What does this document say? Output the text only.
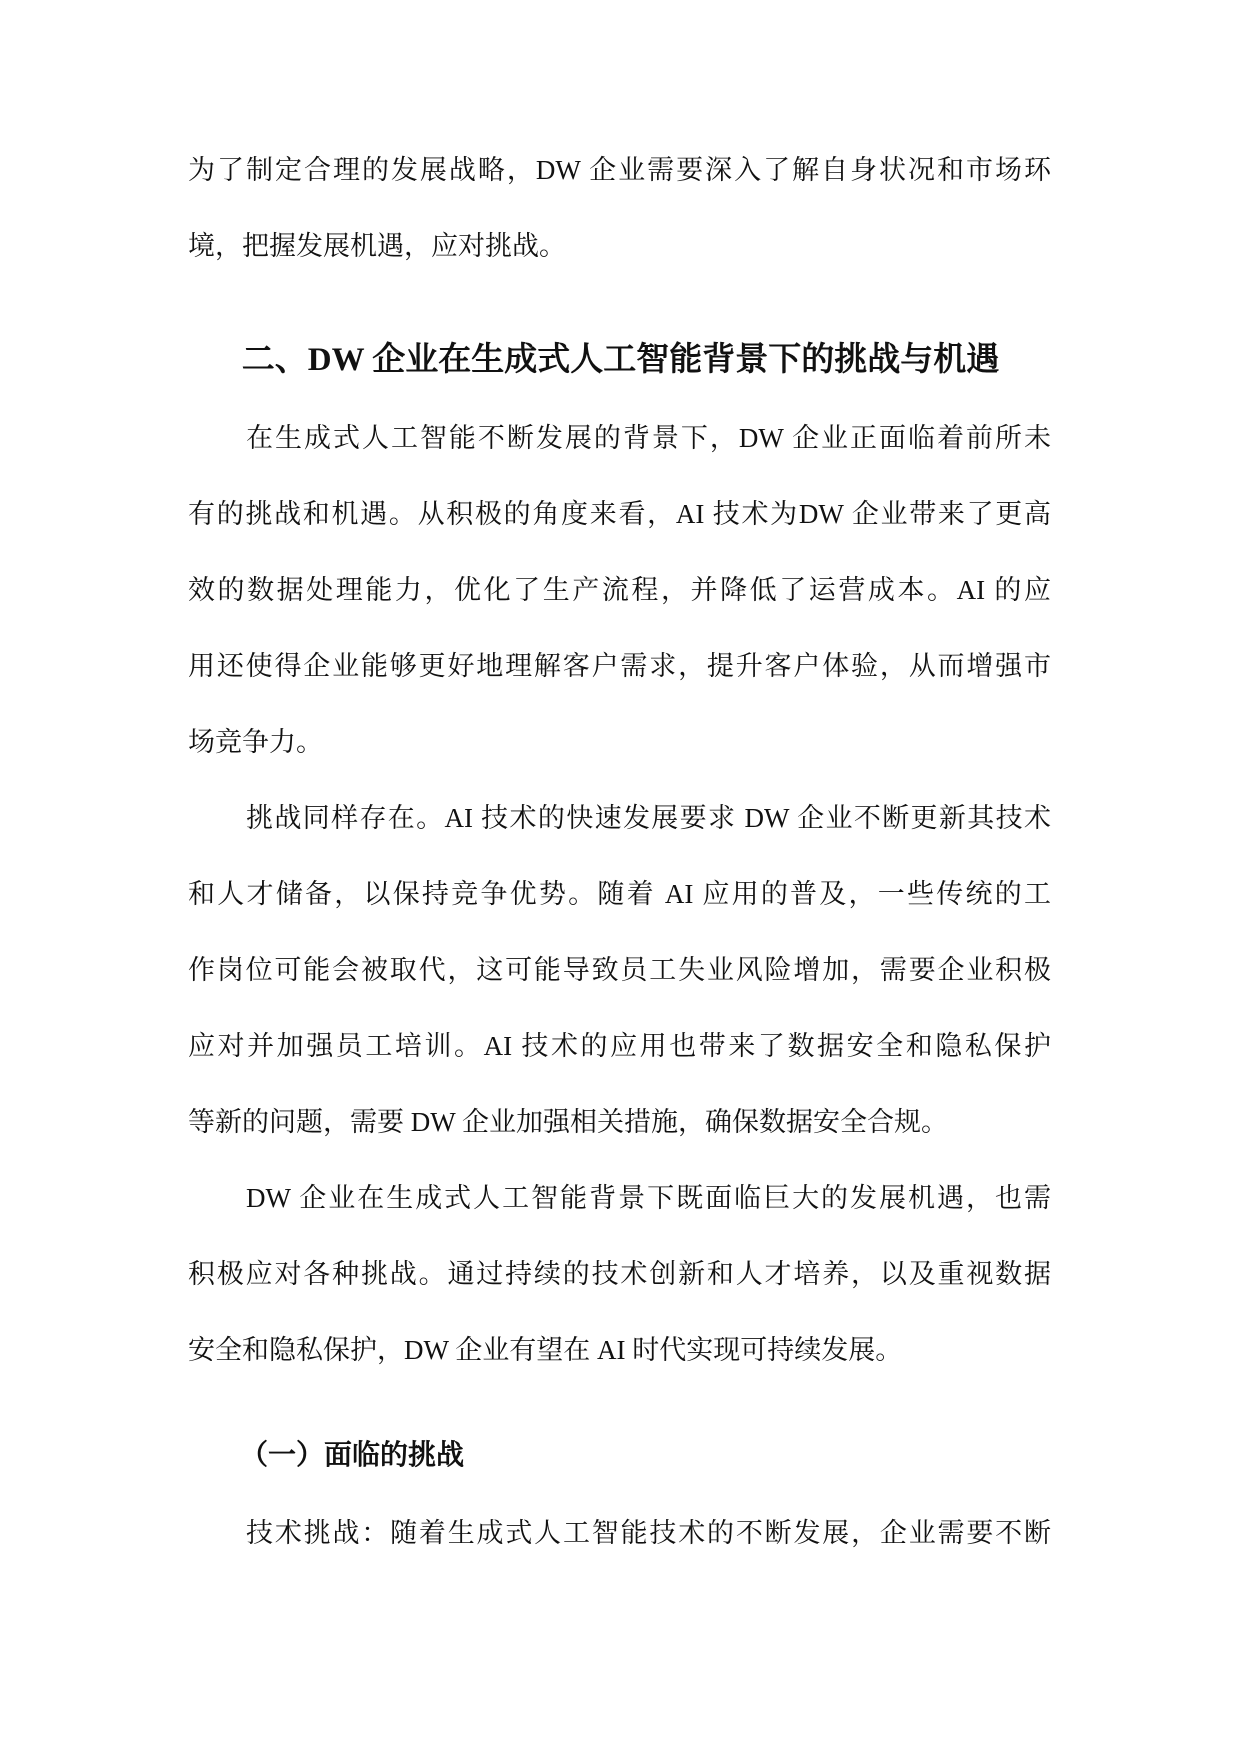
为了制定合理的发展战略，DW 企业需要深入了解自身状况和市场环
境，把握发展机遇，应对挑战。
二、DW 企业在生成式人工智能背景下的挑战与机遇
在生成式人工智能不断发展的背景下，DW 企业正面临着前所未
有的挑战和机遇。从积极的角度来看，AI 技术为DW 企业带来了更高
效的数据处理能力，优化了生产流程，并降低了运营成本。AI 的应
用还使得企业能够更好地理解客户需求，提升客户体验，从而增强市
场竞争力。
挑战同样存在。AI 技术的快速发展要求 DW 企业不断更新其技术
和人才储备，以保持竞争优势。随着 AI 应用的普及，一些传统的工
作岗位可能会被取代，这可能导致员工失业风险增加，需要企业积极
应对并加强员工培训。AI 技术的应用也带来了数据安全和隐私保护
等新的问题，需要 DW 企业加强相关措施，确保数据安全合规。
DW 企业在生成式人工智能背景下既面临巨大的发展机遇，也需
积极应对各种挑战。通过持续的技术创新和人才培养，以及重视数据
安全和隐私保护，DW 企业有望在 AI 时代实现可持续发展。
（一）面临的挑战
技术挑战：随着生成式人工智能技术的不断发展，企业需要不断
